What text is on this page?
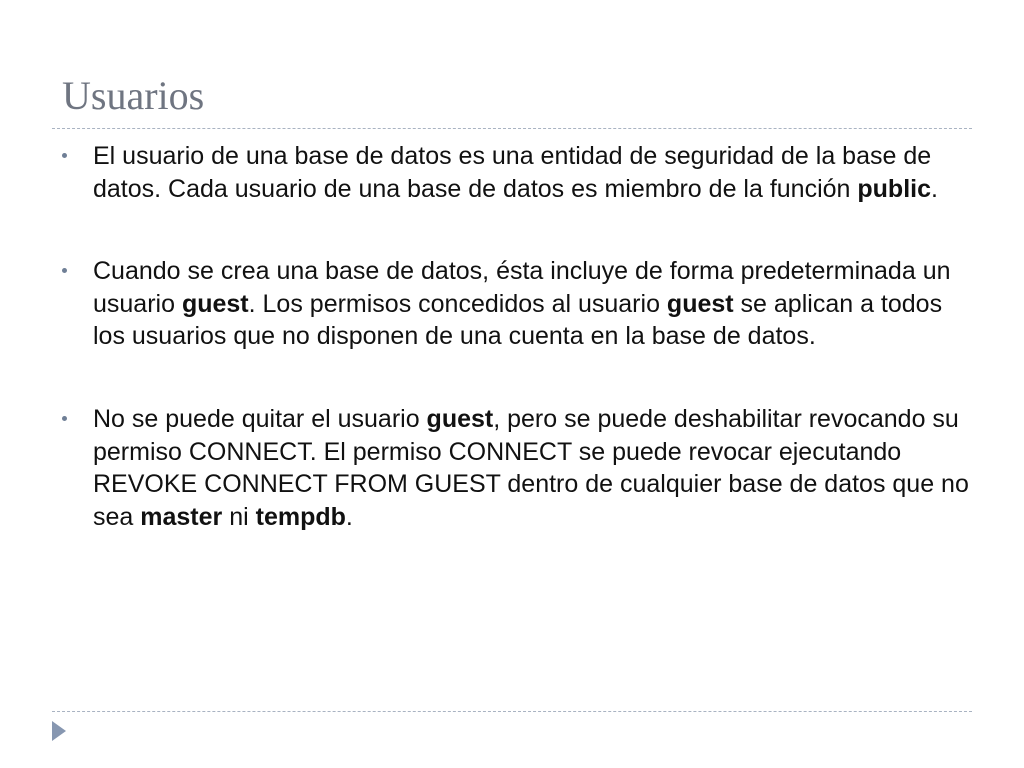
Usuarios
El usuario de una base de datos es una entidad de seguridad de la base de datos. Cada usuario de una base de datos es miembro de la función public.
Cuando se crea una base de datos, ésta incluye de forma predeterminada un usuario guest. Los permisos concedidos al usuario guest se aplican a todos los usuarios que no disponen de una cuenta en la base de datos.
No se puede quitar el usuario guest, pero se puede deshabilitar revocando su permiso CONNECT. El permiso CONNECT se puede revocar ejecutando REVOKE CONNECT FROM GUEST dentro de cualquier base de datos que no sea master ni tempdb.
